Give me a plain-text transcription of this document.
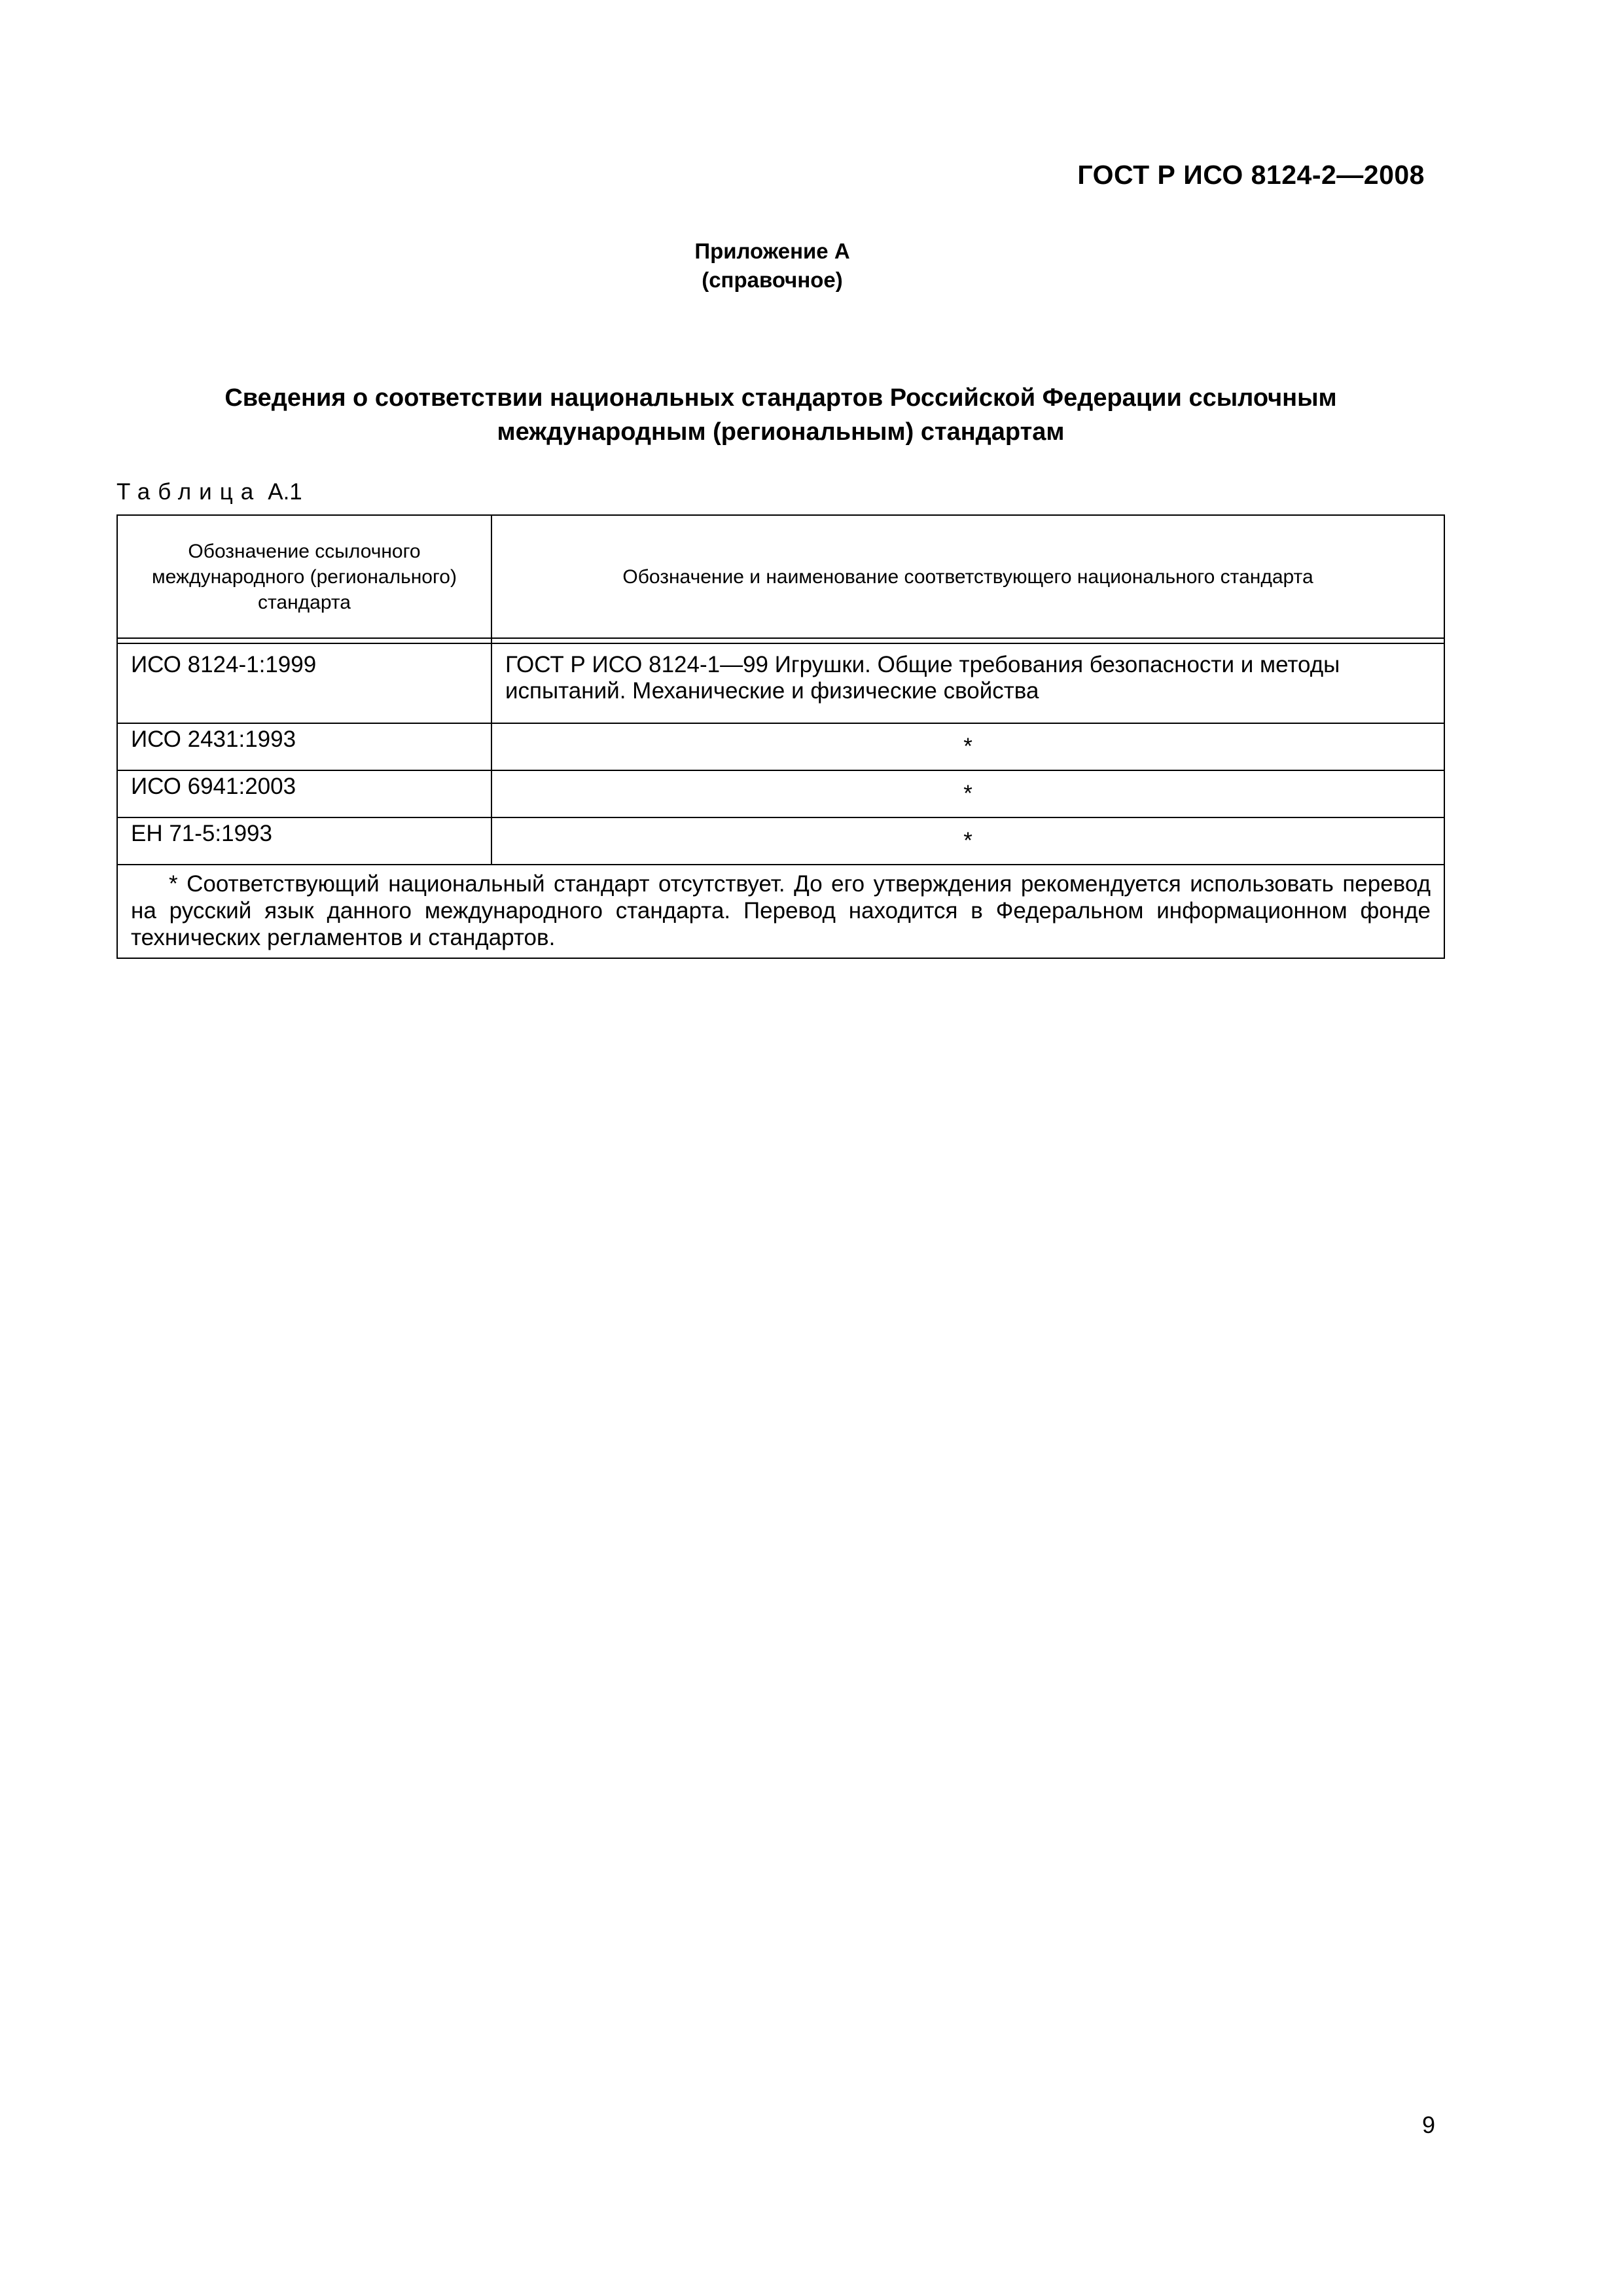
ГОСТ Р ИСО 8124-2—2008
Приложение А
(справочное)
Сведения о соответствии национальных стандартов Российской Федерации ссылочным
международным (региональным) стандартам
Таблица А.1
Обозначение ссылочного международного (регионального) стандарта	Обозначение и наименование соответствующего национального стандарта

ИСО 8124-1:1999	ГОСТ Р ИСО 8124-1—99 Игрушки. Общие требования безопасности и методы испытаний. Механические и физические свойства
ИСО 2431:1993	*
ИСО 6941:2003	*
ЕН 71-5:1993	*
* Соответствующий национальный стандарт отсутствует. До его утверждения рекомендуется использовать перевод на русский язык данного международного стандарта. Перевод находится в Федеральном информационном фонде технических регламентов и стандартов.	
9
